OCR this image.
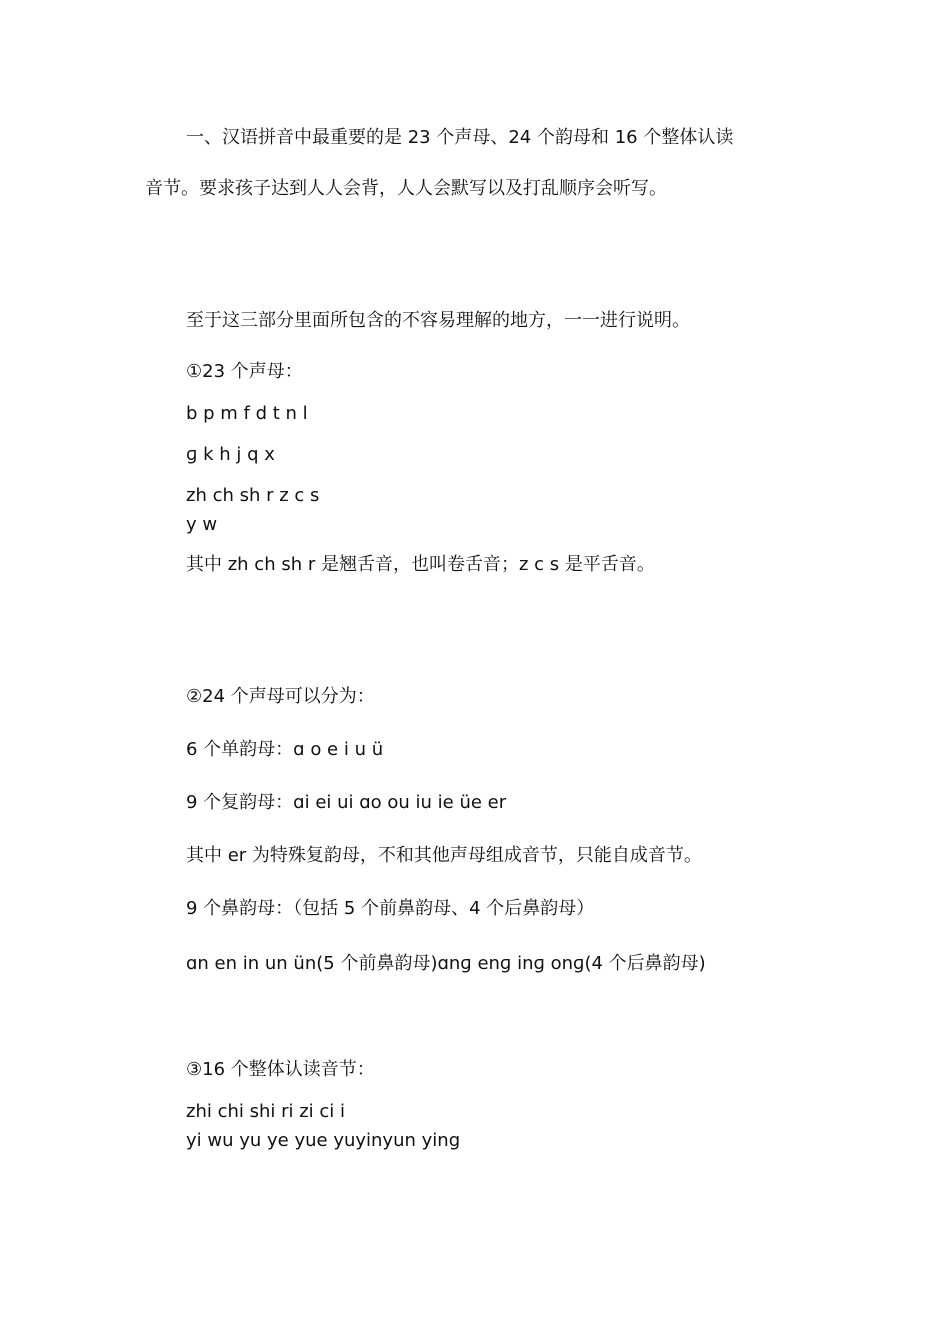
一、汉语拼音中最重要的是 23 个声母、24 个韵母和 16 个整体认读
音节。要求孩子达到人人会背，人人会默写以及打乱顺序会听写。
至于这三部分里面所包含的不容易理解的地方，一一进行说明。
①23 个声母：
b p m f d t n l
ɡ k h j q x
zh ch sh r z c s
y w
其中 zh ch sh r 是翘舌音，也叫卷舌音；z c s 是平舌音。
②24 个声母可以分为：
6 个单韵母：ɑ o e i u ü
9 个复韵母：ɑi ei ui ɑo ou iu ie üe er
其中 er 为特殊复韵母，不和其他声母组成音节，只能自成音节。
9 个鼻韵母：（包括 5 个前鼻韵母、4 个后鼻韵母）
ɑn en in un ün(5 个前鼻韵母)ɑnɡ enɡ inɡ onɡ(4 个后鼻韵母)
③16 个整体认读音节：
zhi chi shi ri zi ci i
yi wu yu ye yue yuyinyun ying
